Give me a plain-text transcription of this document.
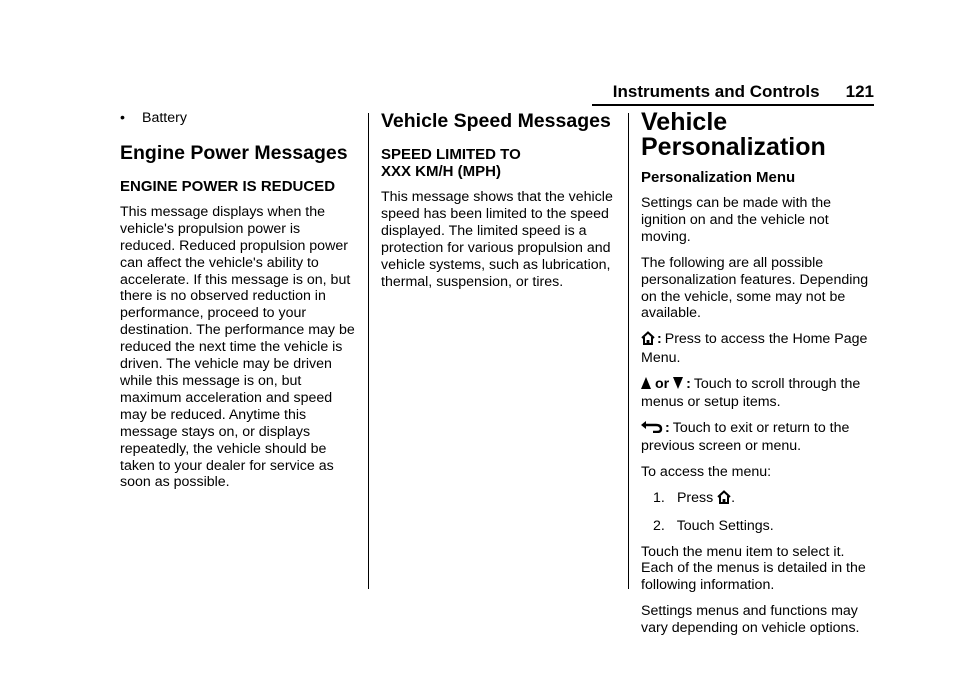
Instruments and Controls 121
•	Battery
Engine Power Messages
ENGINE POWER IS REDUCED

This message displays when the vehicle's propulsion power is reduced. Reduced propulsion power can affect the vehicle's ability to accelerate. If this message is on, but there is no observed reduction in performance, proceed to your destination. The performance may be reduced the next time the vehicle is driven. The vehicle may be driven while this message is on, but maximum acceleration and speed may be reduced. Anytime this message stays on, or displays repeatedly, the vehicle should be taken to your dealer for service as soon as possible.

Vehicle Speed Messages
SPEED LIMITED TO
XXX KM/H (MPH)

This message shows that the vehicle speed has been limited to the speed displayed. The limited speed is a protection for various propulsion and vehicle systems, such as lubrication, thermal, suspension, or tires.

Vehicle
Personalization
Personalization Menu

Settings can be made with the ignition on and the vehicle not moving.

The following are all possible personalization features. Depending on the vehicle, some may not be available.

: Press to access the Home Page Menu.

or : Touch to scroll through the menus or setup items.

: Touch to exit or return to the previous screen or menu.

To access the menu:

1. Press .
2. Touch Settings.

Touch the menu item to select it. Each of the menus is detailed in the following information.

Settings menus and functions may vary depending on vehicle options.
